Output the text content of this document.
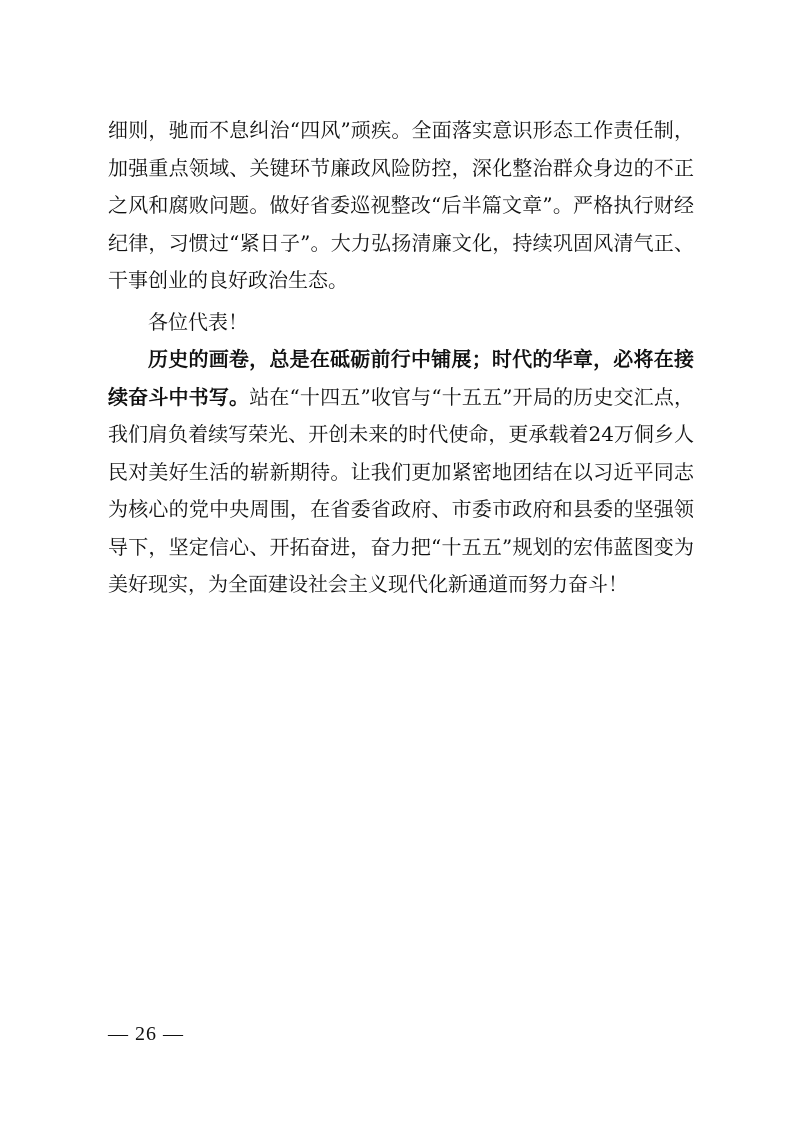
细则，驰而不息纠治“四风”顽疾。全面落实意识形态工作责任制，加强重点领域、关键环节廉政风险防控，深化整治群众身边的不正之风和腐败问题。做好省委巡视整改“后半篇文章”。严格执行财经纪律，习惯过“紧日子”。大力弘扬清廉文化，持续巩固风清气正、干事创业的良好政治生态。

各位代表！

历史的画卷，总是在砥砺前行中铺展；时代的华章，必将在接续奋斗中书写。站在“十四五”收官与“十五五”开局的历史交汇点，我们肩负着续写荣光、开创未来的时代使命，更承载着24万侗乡人民对美好生活的崭新期待。让我们更加紧密地团结在以习近平同志为核心的党中央周围，在省委省政府、市委市政府和县委的坚强领导下，坚定信心、开拓奋进，奋力把“十五五”规划的宏伟蓝图变为美好现实，为全面建设社会主义现代化新通道而努力奋斗！

— 26 —
